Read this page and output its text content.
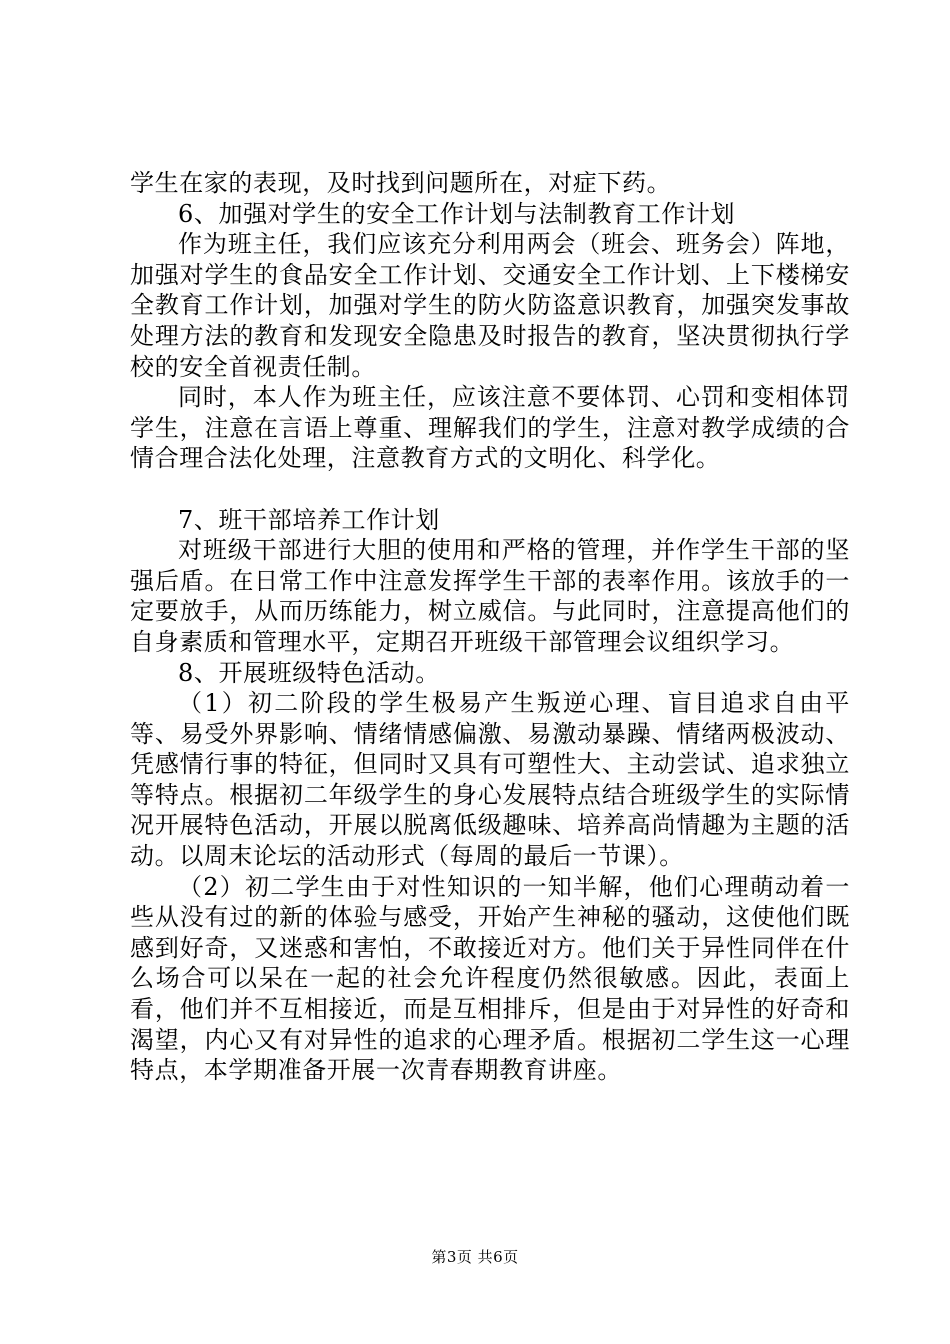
学生在家的表现，及时找到问题所在，对症下药。

6、加强对学生的安全工作计划与法制教育工作计划

作为班主任，我们应该充分利用两会（班会、班务会）阵地，加强对学生的食品安全工作计划、交通安全工作计划、上下楼梯安全教育工作计划，加强对学生的防火防盗意识教育，加强突发事故处理方法的教育和发现安全隐患及时报告的教育，坚决贯彻执行学校的安全首视责任制。

同时，本人作为班主任，应该注意不要体罚、心罚和变相体罚学生，注意在言语上尊重、理解我们的学生，注意对教学成绩的合情合理合法化处理，注意教育方式的文明化、科学化。

7、班干部培养工作计划

对班级干部进行大胆的使用和严格的管理，并作学生干部的坚强后盾。在日常工作中注意发挥学生干部的表率作用。该放手的一定要放手，从而历练能力，树立威信。与此同时，注意提高他们的自身素质和管理水平，定期召开班级干部管理会议组织学习。

8、开展班级特色活动。

（1）初二阶段的学生极易产生叛逆心理、盲目追求自由平等、易受外界影响、情绪情感偏激、易激动暴躁、情绪两极波动、凭感情行事的特征，但同时又具有可塑性大、主动尝试、追求独立等特点。根据初二年级学生的身心发展特点结合班级学生的实际情况开展特色活动，开展以脱离低级趣味、培养高尚情趣为主题的活动。以周末论坛的活动形式（每周的最后一节课）。

（2）初二学生由于对性知识的一知半解，他们心理萌动着一些从没有过的新的体验与感受，开始产生神秘的骚动，这使他们既感到好奇，又迷惑和害怕，不敢接近对方。他们关于异性同伴在什么场合可以呆在一起的社会允许程度仍然很敏感。因此，表面上看，他们并不互相接近，而是互相排斥，但是由于对异性的好奇和渴望，内心又有对异性的追求的心理矛盾。根据初二学生这一心理特点，本学期准备开展一次青春期教育讲座。

第3页 共6页
